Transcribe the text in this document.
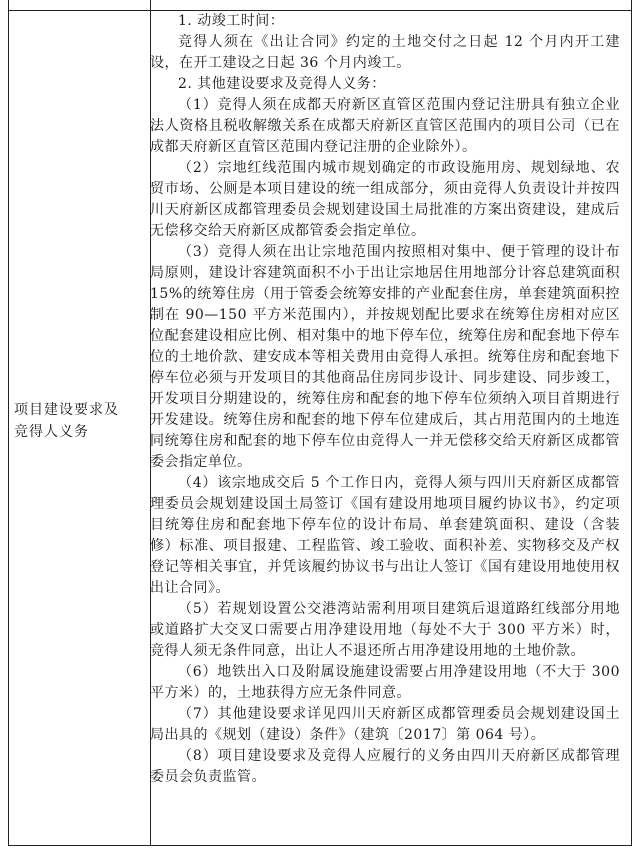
项目建设要求及竞得人义务

1. 动竣工时间：

竞得人须在《出让合同》约定的土地交付之日起 12 个月内开工建设，在开工建设之日起 36 个月内竣工。

2. 其他建设要求及竞得人义务：

（1）竞得人须在成都天府新区直管区范围内登记注册具有独立企业法人资格且税收解缴关系在成都天府新区直管区范围内的项目公司（已在成都天府新区直管区范围内登记注册的企业除外）。

（2）宗地红线范围内城市规划确定的市政设施用房、规划绿地、农贸市场、公厕是本项目建设的统一组成部分，须由竞得人负责设计并按四川天府新区成都管理委员会规划建设国土局批准的方案出资建设，建成后无偿移交给天府新区成都管委会指定单位。

（3）竞得人须在出让宗地范围内按照相对集中、便于管理的设计布局原则，建设计容建筑面积不小于出让宗地居住用地部分计容总建筑面积15%的统筹住房（用于管委会统筹安排的产业配套住房，单套建筑面积控制在 90—150 平方米范围内），并按规划配比要求在统筹住房相对应区位配套建设相应比例、相对集中的地下停车位，统筹住房和配套地下停车位的土地价款、建安成本等相关费用由竞得人承担。统筹住房和配套地下停车位必须与开发项目的其他商品住房同步设计、同步建设、同步竣工，开发项目分期建设的，统筹住房和配套的地下停车位须纳入项目首期进行开发建设。统筹住房和配套的地下停车位建成后，其占用范围内的土地连同统筹住房和配套的地下停车位由竞得人一并无偿移交给天府新区成都管委会指定单位。

（4）该宗地成交后 5 个工作日内，竞得人须与四川天府新区成都管理委员会规划建设国土局签订《国有建设用地项目履约协议书》，约定项目统筹住房和配套地下停车位的设计布局、单套建筑面积、建设（含装修）标准、项目报建、工程监管、竣工验收、面积补差、实物移交及产权登记等相关事宜，并凭该履约协议书与出让人签订《国有建设用地使用权出让合同》。

（5）若规划设置公交港湾站需利用项目建筑后退道路红线部分用地或道路扩大交叉口需要占用净建设用地（每处不大于 300 平方米）时，竞得人须无条件同意，出让人不退还所占用净建设用地的土地价款。

（6）地铁出入口及附属设施建设需要占用净建设用地（不大于 300 平方米）的，土地获得方应无条件同意。

（7）其他建设要求详见四川天府新区成都管理委员会规划建设国土局出具的《规划（建设）条件》（建筑〔2017〕第 064 号）。

（8）项目建设要求及竞得人应履行的义务由四川天府新区成都管理委员会负责监管。
